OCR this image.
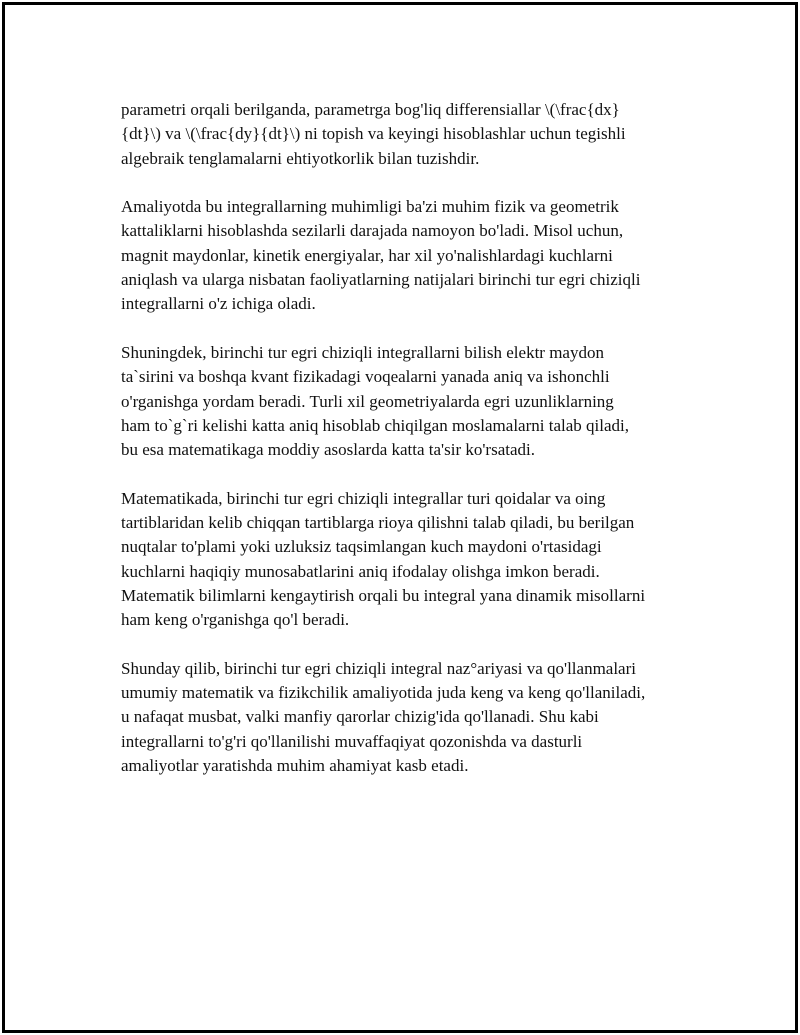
parametri orqali berilganda, parametrga bog'liq differensiallar \(\frac{dx}
{dt}\) va \(\frac{dy}{dt}\) ni topish va keyingi hisoblashlar uchun tegishli
algebraik tenglamalarni ehtiyotkorlik bilan tuzishdir.

Amaliyotda bu integrallarning muhimligi ba'zi muhim fizik va geometrik
kattaliklarni hisoblashda sezilarli darajada namoyon bo'ladi. Misol uchun,
magnit maydonlar, kinetik energiyalar, har xil yo'nalishlardagi kuchlarni
aniqlash va ularga nisbatan faoliyatlarning natijalari birinchi tur egri chiziqli
integrallarni o'z ichiga oladi.

Shuningdek, birinchi tur egri chiziqli integrallarni bilish elektr maydon
ta`sirini va boshqa kvant fizikadagi voqealarni yanada aniq va ishonchli
o'rganishga yordam beradi. Turli xil geometriyalarda egri uzunliklarning
ham to`g`ri kelishi katta aniq hisoblab chiqilgan moslamalarni talab qiladi,
bu esa matematikaga moddiy asoslarda katta ta'sir ko'rsatadi.

Matematikada, birinchi tur egri chiziqli integrallar turi qoidalar va oing
tartiblaridan kelib chiqqan tartiblarga rioya qilishni talab qiladi, bu berilgan
nuqtalar to'plami yoki uzluksiz taqsimlangan kuch maydoni o'rtasidagi
kuchlarni haqiqiy munosabatlarini aniq ifodalay olishga imkon beradi.
Matematik bilimlarni kengaytirish orqali bu integral yana dinamik misollarni
ham keng o'rganishga qo'l beradi.

Shunday qilib, birinchi tur egri chiziqli integral naz°ariyasi va qo'llanmalari
umumiy matematik va fizikchilik amaliyotida juda keng va keng qo'llaniladi,
u nafaqat musbat, valki manfiy qarorlar chizig'ida qo'llanadi. Shu kabi
integrallarni to'g'ri qo'llanilishi muvaffaqiyat qozonishda va dasturli
amaliyotlar yaratishda muhim ahamiyat kasb etadi.
